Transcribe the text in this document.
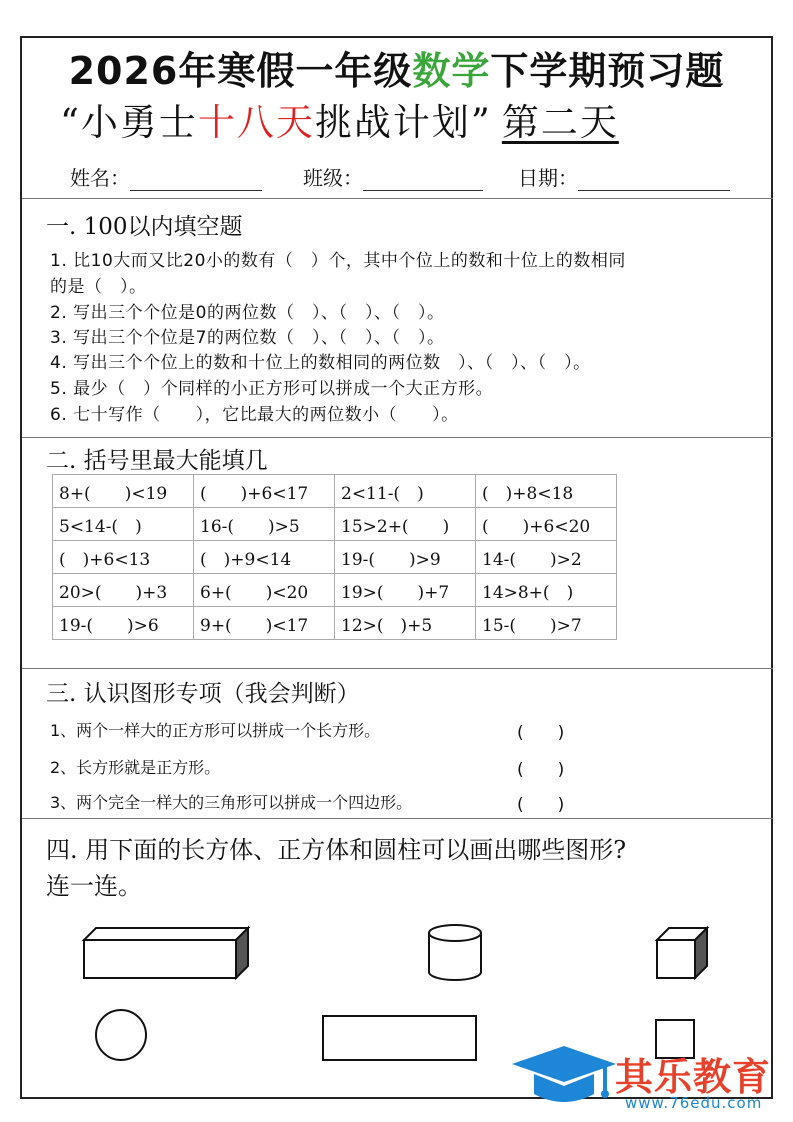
2026年寒假一年级数学下学期预习题
“小勇士十八天挑战计划” 第二天
姓名：	班级：	日期：
一. 100以内填空题
1. 比10大而又比20小的数有（　）个，其中个位上的数和十位上的数相同
的是（　）。
2. 写出三个个位是0的两位数（　）、（　）、（　）。
3. 写出三个个位是7的两位数（　）、（　）、（　）。
4. 写出三个个位上的数和十位上的数相同的两位数　）、（　）、（　）。
5. 最少（　）个同样的小正方形可以拼成一个大正方形。
6. 七十写作（　　），它比最大的两位数小（　　）。
二. 括号里最大能填几
8+(　　)<19	(　　)+6<17	2<11-(　)	(　)+8<18
5<14-(　)	16-(　　)>5	15>2+(　　)	(　　)+6<20
(　)+6<13	(　)+9<14	19-(　　)>9	14-(　　)>2
20>(　　)+3	6+(　　)<20	19>(　　)+7	14>8+(　)
19-(　　)>6	9+(　　)<17	12>(　)+5	15-(　　)>7
三. 认识图形专项（我会判断）
1、两个一样大的正方形可以拼成一个长方形。	(　　)
2、长方形就是正方形。	(　　)
3、两个完全一样大的三角形可以拼成一个四边形。	(　　)
四. 用下面的长方体、正方体和圆柱可以画出哪些图形?
连一连。
其乐教育
www.76edu.com
